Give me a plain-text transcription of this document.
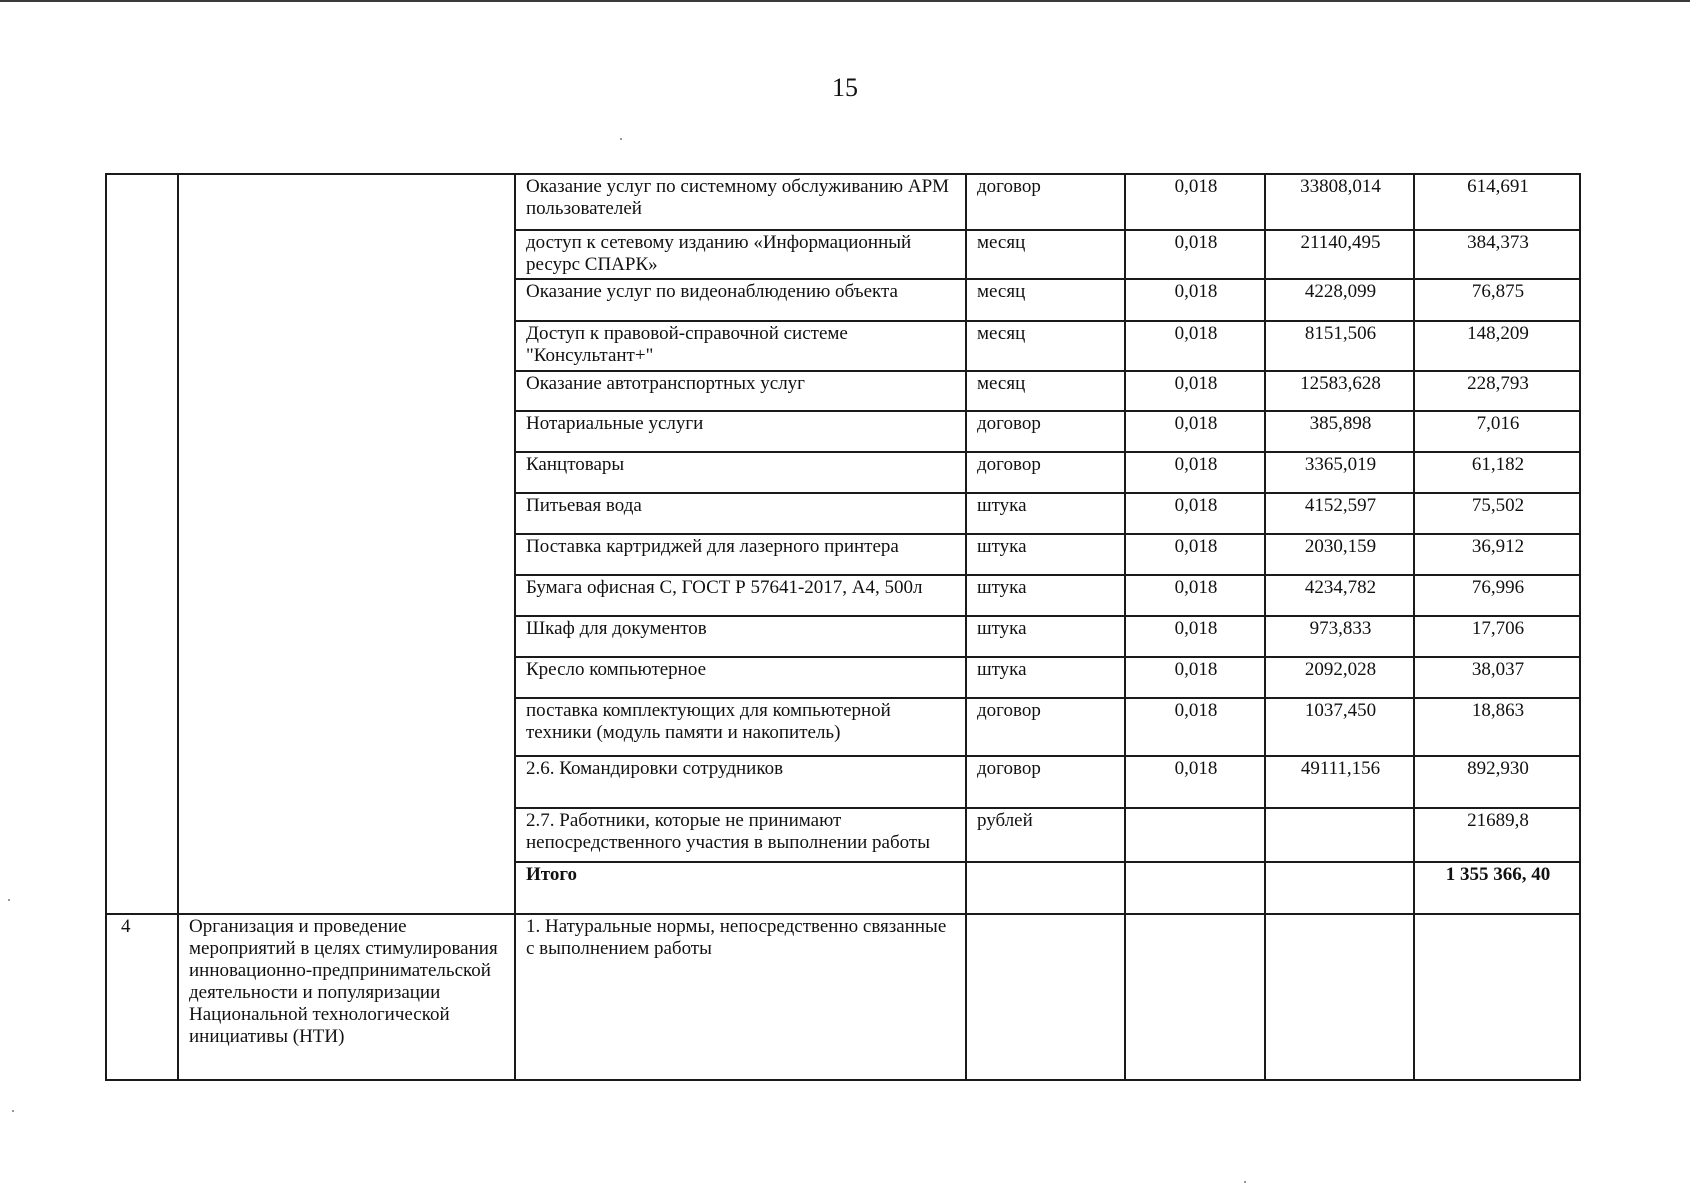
15
		Оказание услуг по системному обслуживанию АРМ пользователей	договор	0,018	33808,014	614,691
		доступ к сетевому изданию «Информационный ресурс СПАРК»	месяц	0,018	21140,495	384,373
		Оказание услуг по видеонаблюдению объекта	месяц	0,018	4228,099	76,875
		Доступ к правовой-справочной системе "Консультант+"	месяц	0,018	8151,506	148,209
		Оказание автотранспортных услуг	месяц	0,018	12583,628	228,793
		Нотариальные услуги	договор	0,018	385,898	7,016
		Канцтовары	договор	0,018	3365,019	61,182
		Питьевая вода	штука	0,018	4152,597	75,502
		Поставка картриджей для лазерного принтера	штука	0,018	2030,159	36,912
		Бумага офисная С, ГОСТ Р 57641-2017, А4, 500л	штука	0,018	4234,782	76,996
		Шкаф для документов	штука	0,018	973,833	17,706
		Кресло компьютерное	штука	0,018	2092,028	38,037
		поставка комплектующих для компьютерной техники (модуль памяти и накопитель)	договор	0,018	1037,450	18,863
		2.6. Командировки сотрудников	договор	0,018	49111,156	892,930
		2.7. Работники, которые не принимают непосредственного участия в выполнении работы	рублей			21689,8
		Итого				1 355 366, 40
4	Организация и проведение мероприятий в целях стимулирования инновационно-предпринимательской деятельности и популяризации Национальной технологической инициативы (НТИ)	1. Натуральные нормы, непосредственно связанные с выполнением работы				
